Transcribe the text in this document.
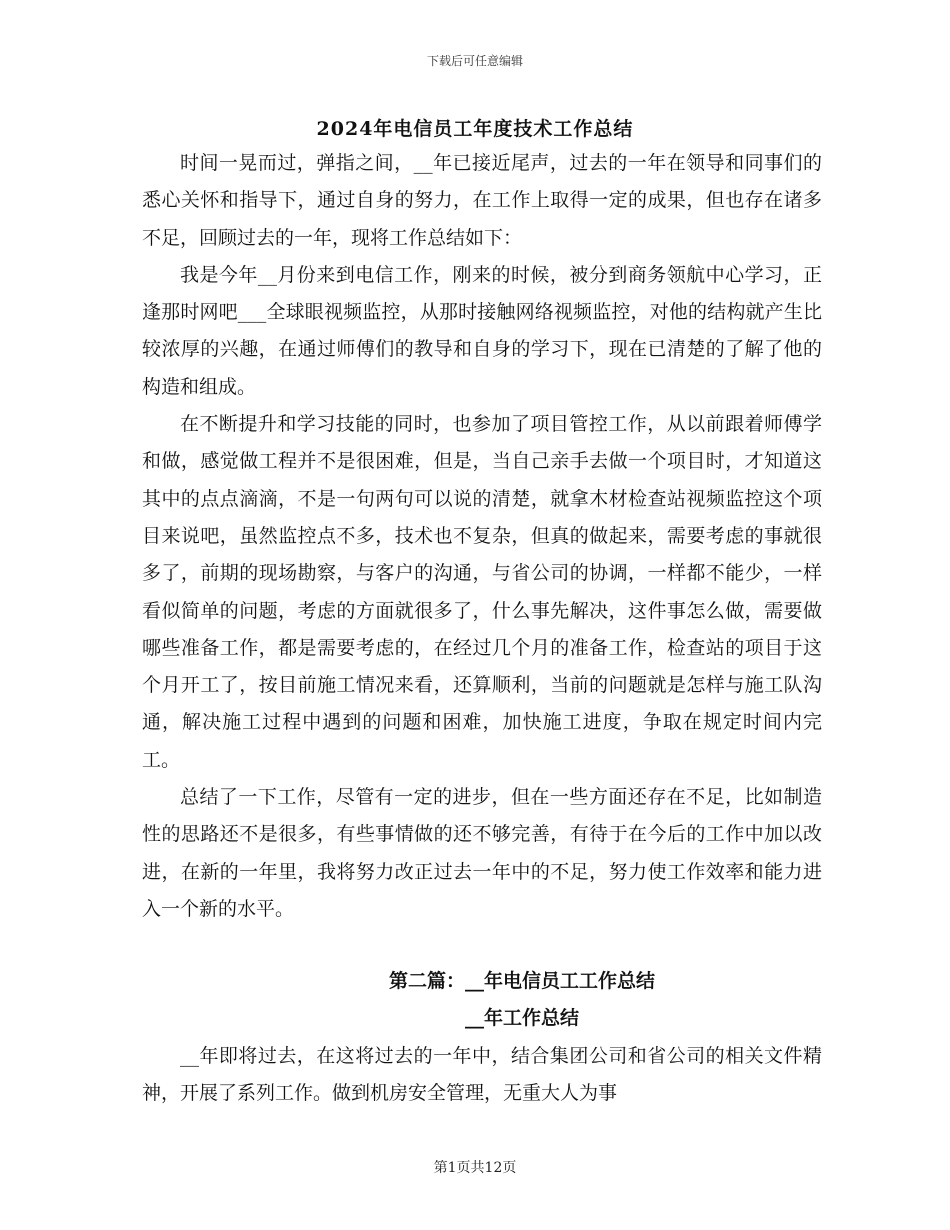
下载后可任意编辑
2024年电信员工年度技术工作总结

时间一晃而过，弹指之间，__年已接近尾声，过去的一年在领导和同事们的悉心关怀和指导下，通过自身的努力，在工作上取得一定的成果，但也存在诸多不足，回顾过去的一年，现将工作总结如下：

我是今年__月份来到电信工作，刚来的时候，被分到商务领航中心学习，正逢那时网吧___全球眼视频监控，从那时接触网络视频监控，对他的结构就产生比较浓厚的兴趣，在通过师傅们的教导和自身的学习下，现在已清楚的了解了他的构造和组成。

在不断提升和学习技能的同时，也参加了项目管控工作，从以前跟着师傅学和做，感觉做工程并不是很困难，但是，当自己亲手去做一个项目时，才知道这其中的点点滴滴，不是一句两句可以说的清楚，就拿木材检查站视频监控这个项目来说吧，虽然监控点不多，技术也不复杂，但真的做起来，需要考虑的事就很多了，前期的现场勘察，与客户的沟通，与省公司的协调，一样都不能少，一样看似简单的问题，考虑的方面就很多了，什么事先解决，这件事怎么做，需要做哪些准备工作，都是需要考虑的，在经过几个月的准备工作，检查站的项目于这个月开工了，按目前施工情况来看，还算顺利，当前的问题就是怎样与施工队沟通，解决施工过程中遇到的问题和困难，加快施工进度，争取在规定时间内完工。

总结了一下工作，尽管有一定的进步，但在一些方面还存在不足，比如制造性的思路还不是很多，有些事情做的还不够完善，有待于在今后的工作中加以改进，在新的一年里，我将努力改正过去一年中的不足，努力使工作效率和能力进入一个新的水平。

第二篇：__年电信员工工作总结

__年工作总结

__年即将过去，在这将过去的一年中，结合集团公司和省公司的相关文件精神，开展了系列工作。做到机房安全管理，无重大人为事

第1页共12页
